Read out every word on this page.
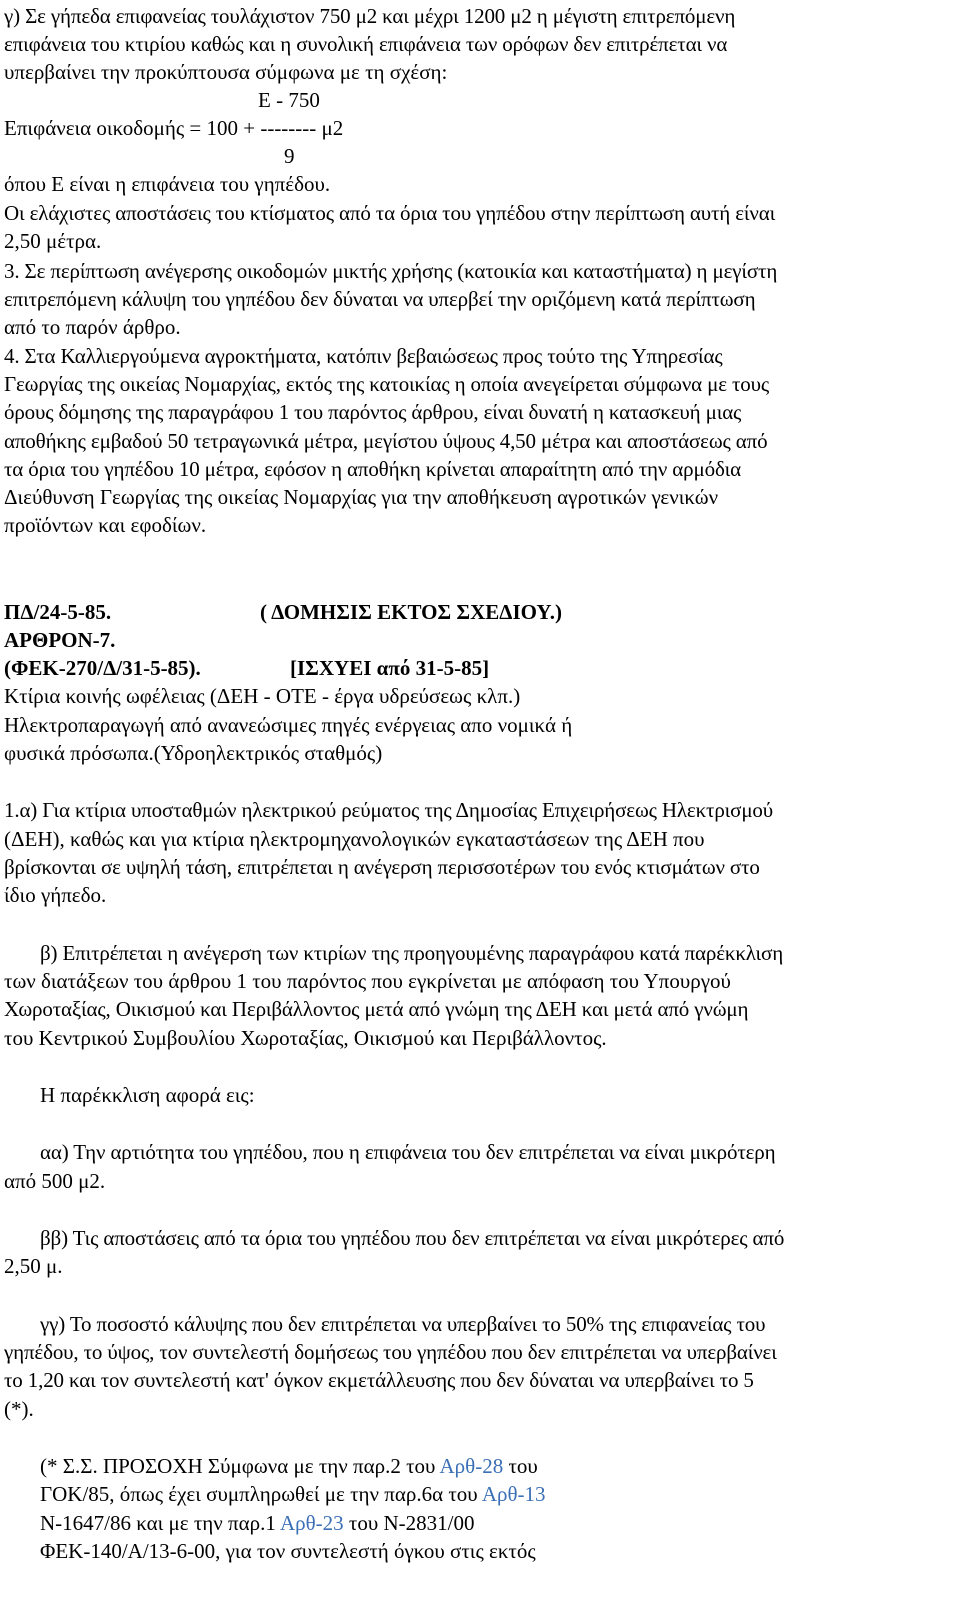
γ) Σε γήπεδα επιφανείας τουλάχιστον 750 μ2 και μέχρι 1200 μ2 η μέγιστη επιτρεπόμενη
επιφάνεια του κτιρίου καθώς και η συνολική επιφάνεια των ορόφων δεν επιτρέπεται να
υπερβαίνει την προκύπτουσα σύμφωνα με τη σχέση:
E - 750
Επιφάνεια οικοδομής = 100 + -------- μ2
9
όπου Ε είναι η επιφάνεια του γηπέδου.
Οι ελάχιστες αποστάσεις του κτίσματος από τα όρια του γηπέδου στην περίπτωση αυτή είναι
2,50 μέτρα.
3. Σε περίπτωση ανέγερσης οικοδομών μικτής χρήσης (κατοικία και καταστήματα) η μεγίστη
επιτρεπόμενη κάλυψη του γηπέδου δεν δύναται να υπερβεί την οριζόμενη κατά περίπτωση
από το παρόν άρθρο.
4. Στα Καλλιεργούμενα αγροκτήματα, κατόπιν βεβαιώσεως προς τούτο της Υπηρεσίας
Γεωργίας της οικείας Νομαρχίας, εκτός της κατοικίας η οποία ανεγείρεται σύμφωνα με τους
όρους δόμησης της παραγράφου 1 του παρόντος άρθρου, είναι δυνατή η κατασκευή μιας
αποθήκης εμβαδού 50 τετραγωνικά μέτρα, μεγίστου ύψους 4,50 μέτρα και αποστάσεως από
τα όρια του γηπέδου 10 μέτρα, εφόσον η αποθήκη κρίνεται απαραίτητη από την αρμόδια
Διεύθυνση Γεωργίας της οικείας Νομαρχίας για την αποθήκευση αγροτικών γενικών
προϊόντων και εφοδίων.
ΠΔ/24-5-85.	( ΔΟΜΗΣΙΣ ΕΚΤΟΣ ΣΧΕΔΙΟΥ.)
ΑΡΘΡΟΝ-7.
(ΦΕΚ-270/Δ/31-5-85).	[ΙΣΧΥΕΙ από 31-5-85]
Κτίρια κοινής ωφέλειας (ΔΕΗ - ΟΤΕ - έργα υδρεύσεως κλπ.)
Ηλεκτροπαραγωγή από ανανεώσιμες πηγές ενέργειας απο νομικά ή
φυσικά πρόσωπα.(Υδροηλεκτρικός σταθμός)
1.α) Για κτίρια υποσταθμών ηλεκτρικού ρεύματος της Δημοσίας Επιχειρήσεως Ηλεκτρισμού
(ΔΕΗ), καθώς και για κτίρια ηλεκτρομηχανολογικών εγκαταστάσεων της ΔΕΗ που
βρίσκονται σε υψηλή τάση, επιτρέπεται η ανέγερση περισσοτέρων του ενός κτισμάτων στο
ίδιο γήπεδο.
β) Επιτρέπεται η ανέγερση των κτιρίων της προηγουμένης παραγράφου κατά παρέκκλιση
των διατάξεων του άρθρου 1 του παρόντος που εγκρίνεται με απόφαση του Υπουργού
Χωροταξίας, Οικισμού και Περιβάλλοντος μετά από γνώμη της ΔΕΗ και μετά από γνώμη
του Κεντρικού Συμβουλίου Χωροταξίας, Οικισμού και Περιβάλλοντος.
Η παρέκκλιση αφορά εις:
αα) Την αρτιότητα του γηπέδου, που η επιφάνεια του δεν επιτρέπεται να είναι μικρότερη
από 500 μ2.
ββ) Τις αποστάσεις από τα όρια του γηπέδου που δεν επιτρέπεται να είναι μικρότερες από
2,50 μ.
γγ) Το ποσοστό κάλυψης που δεν επιτρέπεται να υπερβαίνει το 50% της επιφανείας του
γηπέδου, το ύψος, τον συντελεστή δομήσεως του γηπέδου που δεν επιτρέπεται να υπερβαίνει
το 1,20 και τον συντελεστή κατ' όγκον εκμετάλλευσης που δεν δύναται να υπερβαίνει το 5
(*).
(* Σ.Σ. ΠΡΟΣΟΧΗ Σύμφωνα με την παρ.2 του Αρθ-28 του
ΓΟΚ/85, όπως έχει συμπληρωθεί με την παρ.6α του Αρθ-13
Ν-1647/86 και με την παρ.1 Αρθ-23 του Ν-2831/00
ΦΕΚ-140/Α/13-6-00, για τον συντελεστή όγκου στις εκτός
